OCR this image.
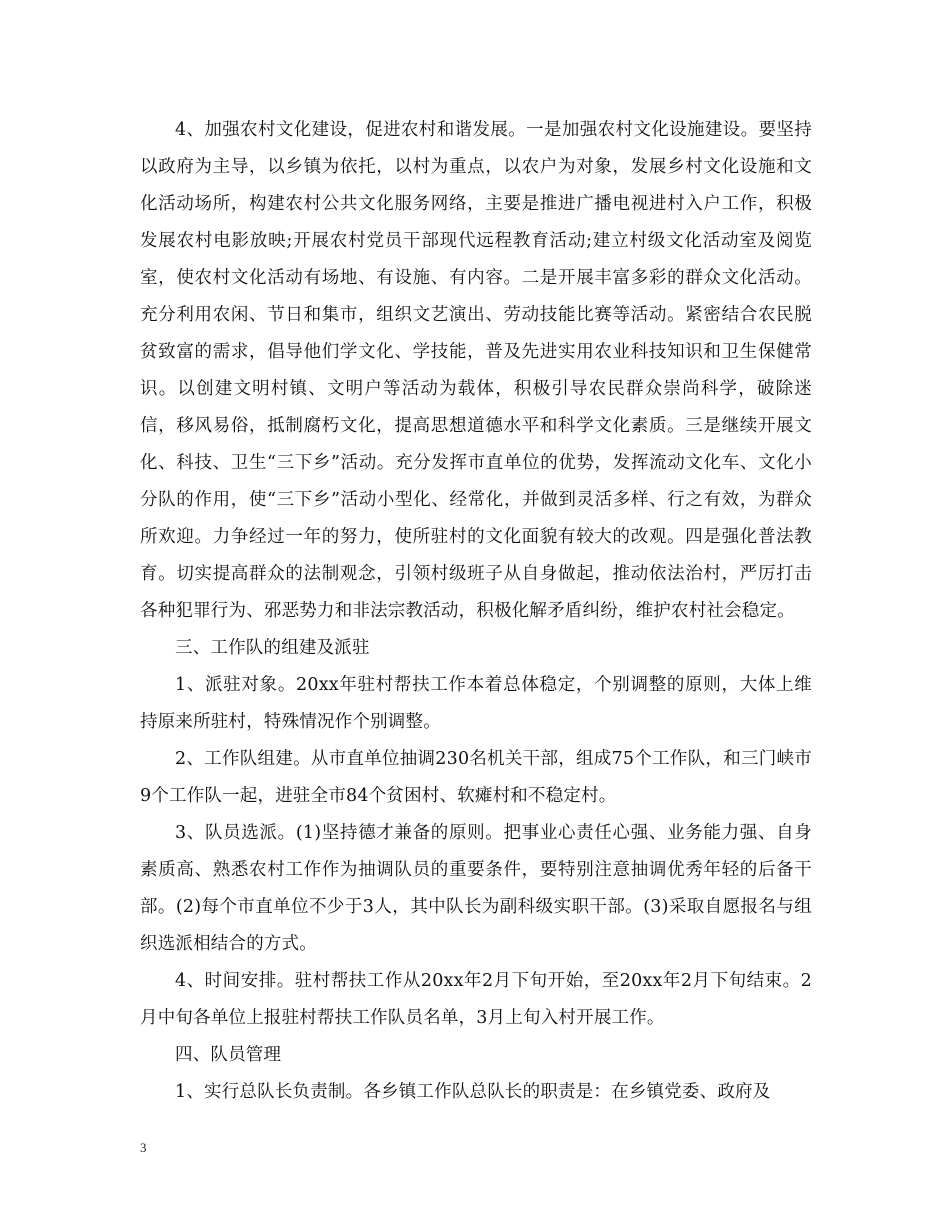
4、加强农村文化建设，促进农村和谐发展。一是加强农村文化设施建设。要坚持以政府为主导，以乡镇为依托，以村为重点，以农户为对象，发展乡村文化设施和文化活动场所，构建农村公共文化服务网络，主要是推进广播电视进村入户工作，积极发展农村电影放映;开展农村党员干部现代远程教育活动;建立村级文化活动室及阅览室，使农村文化活动有场地、有设施、有内容。二是开展丰富多彩的群众文化活动。充分利用农闲、节日和集市，组织文艺演出、劳动技能比赛等活动。紧密结合农民脱贫致富的需求，倡导他们学文化、学技能，普及先进实用农业科技知识和卫生保健常识。以创建文明村镇、文明户等活动为载体，积极引导农民群众崇尚科学，破除迷信，移风易俗，抵制腐朽文化，提高思想道德水平和科学文化素质。三是继续开展文化、科技、卫生“三下乡”活动。充分发挥市直单位的优势，发挥流动文化车、文化小分队的作用，使“三下乡”活动小型化、经常化，并做到灵活多样、行之有效，为群众所欢迎。力争经过一年的努力，使所驻村的文化面貌有较大的改观。四是强化普法教育。切实提高群众的法制观念，引领村级班子从自身做起，推动依法治村，严厉打击各种犯罪行为、邪恶势力和非法宗教活动，积极化解矛盾纠纷，维护农村社会稳定。

三、工作队的组建及派驻

1、派驻对象。20xx年驻村帮扶工作本着总体稳定，个别调整的原则，大体上维持原来所驻村，特殊情况作个别调整。

2、工作队组建。从市直单位抽调230名机关干部，组成75个工作队，和三门峡市9个工作队一起，进驻全市84个贫困村、软瘫村和不稳定村。

3、队员选派。(1)坚持德才兼备的原则。把事业心责任心强、业务能力强、自身素质高、熟悉农村工作作为抽调队员的重要条件，要特别注意抽调优秀年轻的后备干部。(2)每个市直单位不少于3人，其中队长为副科级实职干部。(3)采取自愿报名与组织选派相结合的方式。

4、时间安排。驻村帮扶工作从20xx年2月下旬开始，至20xx年2月下旬结束。2月中旬各单位上报驻村帮扶工作队员名单，3月上旬入村开展工作。

四、队员管理

1、实行总队长负责制。各乡镇工作队总队长的职责是：在乡镇党委、政府及

3
